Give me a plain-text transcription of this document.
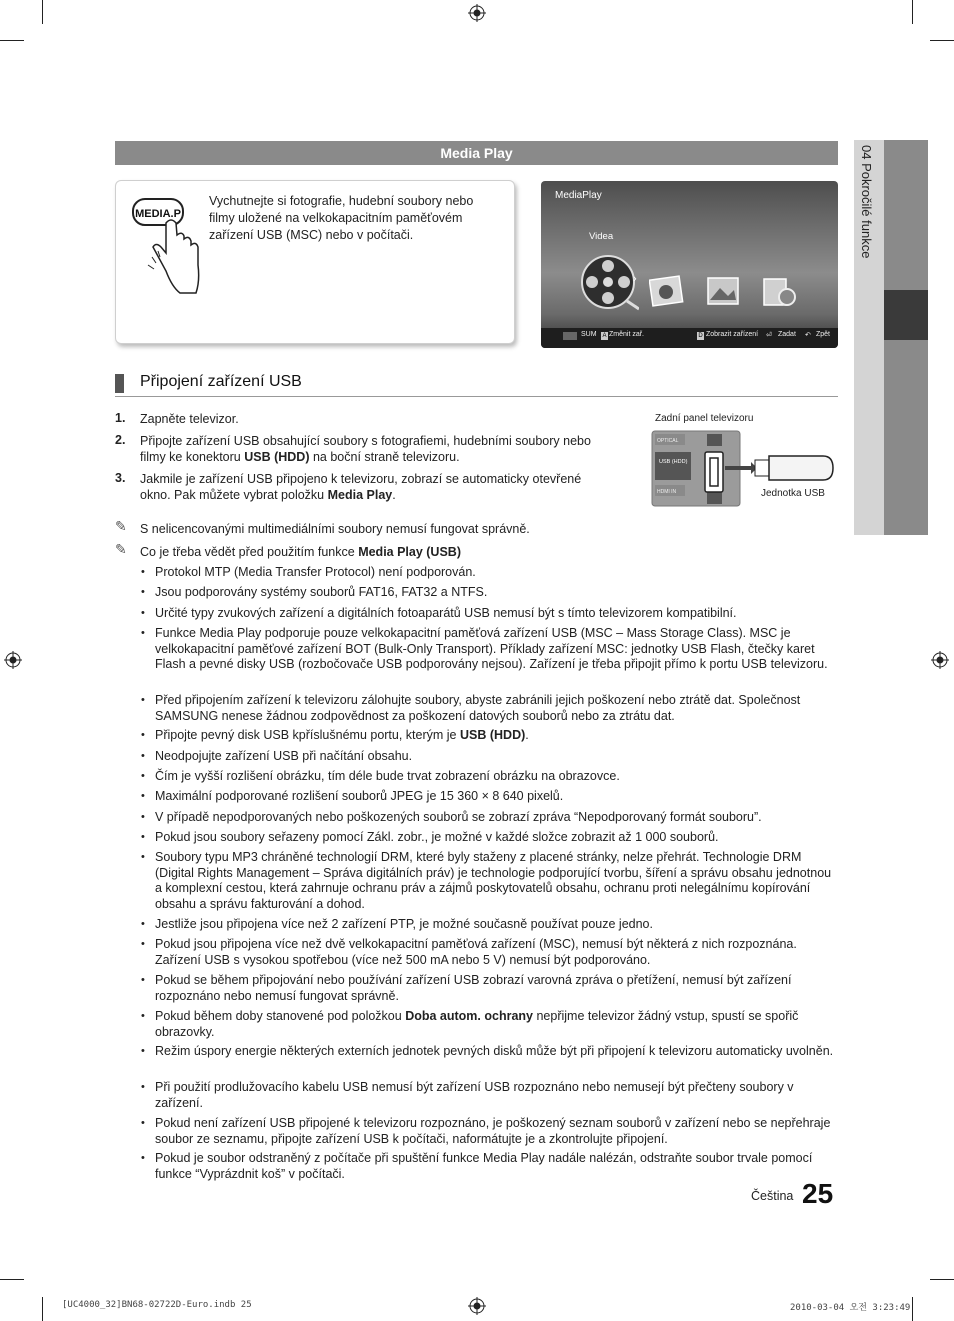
Media Play	04 Pokročilé funkce
MEDIA.P
Vychutnejte si fotografie, hudební soubory nebo filmy uložené na velkokapacitním paměťovém zařízení USB (MSC) nebo v počítači.
MediaPlay
Videa
›
SUM A Změnit zař.	D Zobrazit zařízení ⏎ Zadat ↶ Zpět
Připojení zařízení USB
1. Zapněte televizor.
2. Připojte zařízení USB obsahující soubory s fotografiemi, hudebními soubory nebo filmy ke konektoru USB (HDD) na boční straně televizoru.
3. Jakmile je zařízení USB připojeno k televizoru, zobrazí se automaticky otevřené okno. Pak můžete vybrat položku Media Play.
Zadní panel televizoru
OPTICAL
USB (HDD)
HDMI IN	Jednotka USB
✎ S nelicencovanými multimediálními soubory nemusí fungovat správně.
✎ Co je třeba vědět před použitím funkce Media Play (USB)
• Protokol MTP (Media Transfer Protocol) není podporován.
• Jsou podporovány systémy souborů FAT16, FAT32 a NTFS.
• Určité typy zvukových zařízení a digitálních fotoaparátů USB nemusí být s tímto televizorem kompatibilní.
• Funkce Media Play podporuje pouze velkokapacitní paměťová zařízení USB (MSC – Mass Storage Class). MSC je velkokapacitní paměťové zařízení BOT (Bulk-Only Transport). Příklady zařízení MSC: jednotky USB Flash, čtečky karet Flash a pevné disky USB (rozbočovače USB podporovány nejsou). Zařízení je třeba připojit přímo k portu USB televizoru.
• Před připojením zařízení k televizoru zálohujte soubory, abyste zabránili jejich poškození nebo ztrátě dat. Společnost SAMSUNG nenese žádnou zodpovědnost za poškození datových souborů nebo za ztrátu dat.
• Připojte pevný disk USB kpříslušnému portu, kterým je USB (HDD).
• Neodpojujte zařízení USB při načítání obsahu.
• Čím je vyšší rozlišení obrázku, tím déle bude trvat zobrazení obrázku na obrazovce.
• Maximální podporované rozlišení souborů JPEG je 15 360 × 8 640 pixelů.
• V případě nepodporovaných nebo poškozených souborů se zobrazí zpráva “Nepodporovaný formát souboru”.
• Pokud jsou soubory seřazeny pomocí Zákl. zobr., je možné v každé složce zobrazit až 1 000 souborů.
• Soubory typu MP3 chráněné technologií DRM, které byly staženy z placené stránky, nelze přehrát. Technologie DRM (Digital Rights Management – Správa digitálních práv) je technologie podporující tvorbu, šíření a správu obsahu jednotnou a komplexní cestou, která zahrnuje ochranu práv a zájmů poskytovatelů obsahu, ochranu proti nelegálnímu kopírování obsahu a správu fakturování a dohod.
• Jestliže jsou připojena více než 2 zařízení PTP, je možné současně používat pouze jedno.
• Pokud jsou připojena více než dvě velkokapacitní paměťová zařízení (MSC), nemusí být některá z nich rozpoznána. Zařízení USB s vysokou spotřebou (více než 500 mA nebo 5 V) nemusí být podporováno.
• Pokud se během připojování nebo používání zařízení USB zobrazí varovná zpráva o přetížení, nemusí být zařízení rozpoznáno nebo nemusí fungovat správně.
• Pokud během doby stanovené pod položkou Doba autom. ochrany nepřijme televizor žádný vstup, spustí se spořič obrazovky.
• Režim úspory energie některých externích jednotek pevných disků může být při připojení k televizoru automaticky uvolněn.
• Při použití prodlužovacího kabelu USB nemusí být zařízení USB rozpoznáno nebo nemusejí být přečteny soubory v zařízení.
• Pokud není zařízení USB připojené k televizoru rozpoznáno, je poškozený seznam souborů v zařízení nebo se nepřehraje soubor ze seznamu, připojte zařízení USB k počítači, naformátujte je a zkontrolujte připojení.
• Pokud je soubor odstraněný z počítače při spuštění funkce Media Play nadále nalézán, odstraňte soubor trvale pomocí funkce “Vyprázdnit koš” v počítači.
Čeština 25
[UC4000_32]BN68-02722D-Euro.indb 25	2010-03-04 오전 3:23:49
